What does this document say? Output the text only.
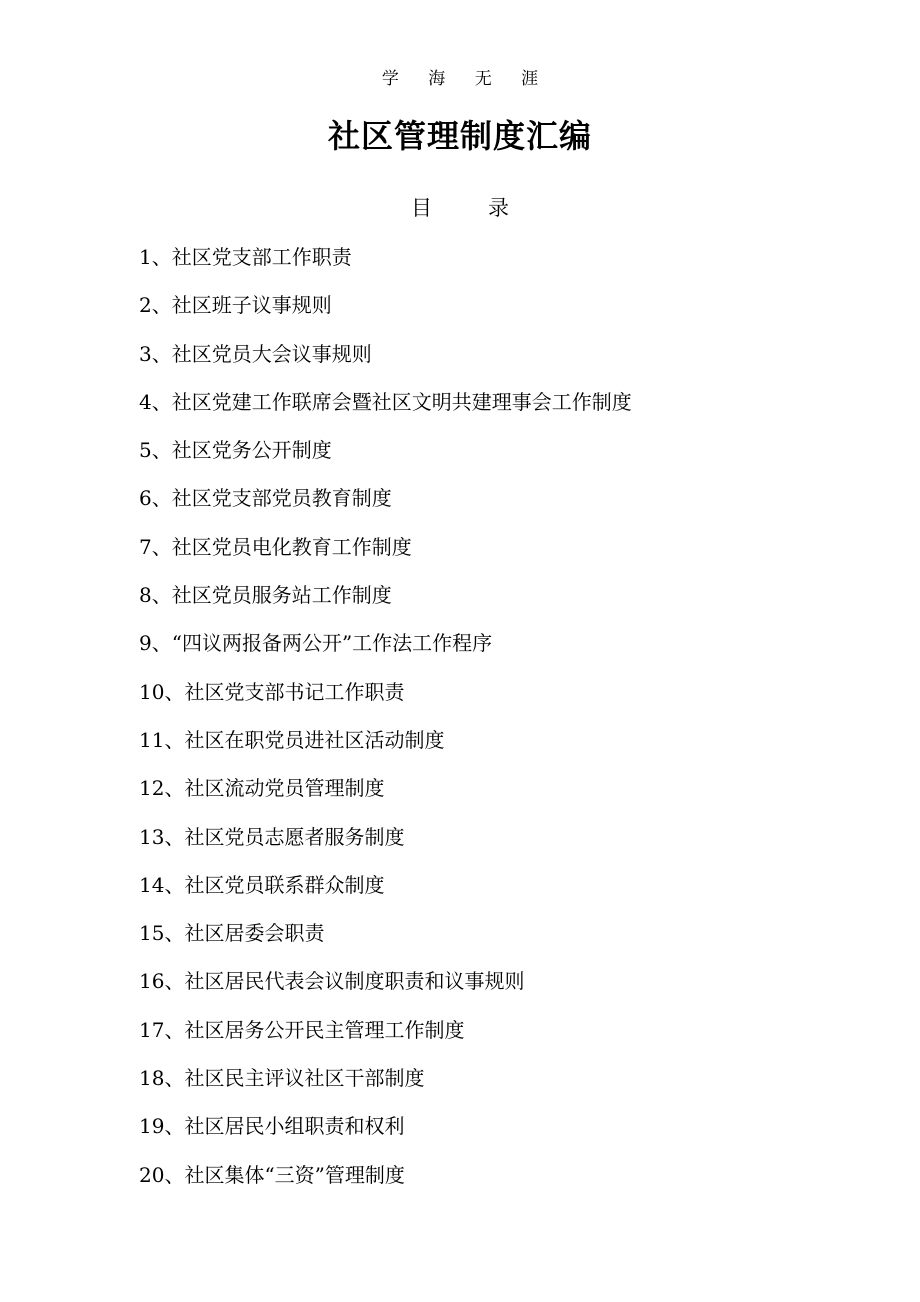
学 海 无 涯
社区管理制度汇编
目	录
1、社区党支部工作职责
2、社区班子议事规则
3、社区党员大会议事规则
4、社区党建工作联席会暨社区文明共建理事会工作制度
5、社区党务公开制度
6、社区党支部党员教育制度
7、社区党员电化教育工作制度
8、社区党员服务站工作制度
9、“四议两报备两公开”工作法工作程序
10、社区党支部书记工作职责
11、社区在职党员进社区活动制度
12、社区流动党员管理制度
13、社区党员志愿者服务制度
14、社区党员联系群众制度
15、社区居委会职责
16、社区居民代表会议制度职责和议事规则
17、社区居务公开民主管理工作制度
18、社区民主评议社区干部制度
19、社区居民小组职责和权利
20、社区集体“三资”管理制度
